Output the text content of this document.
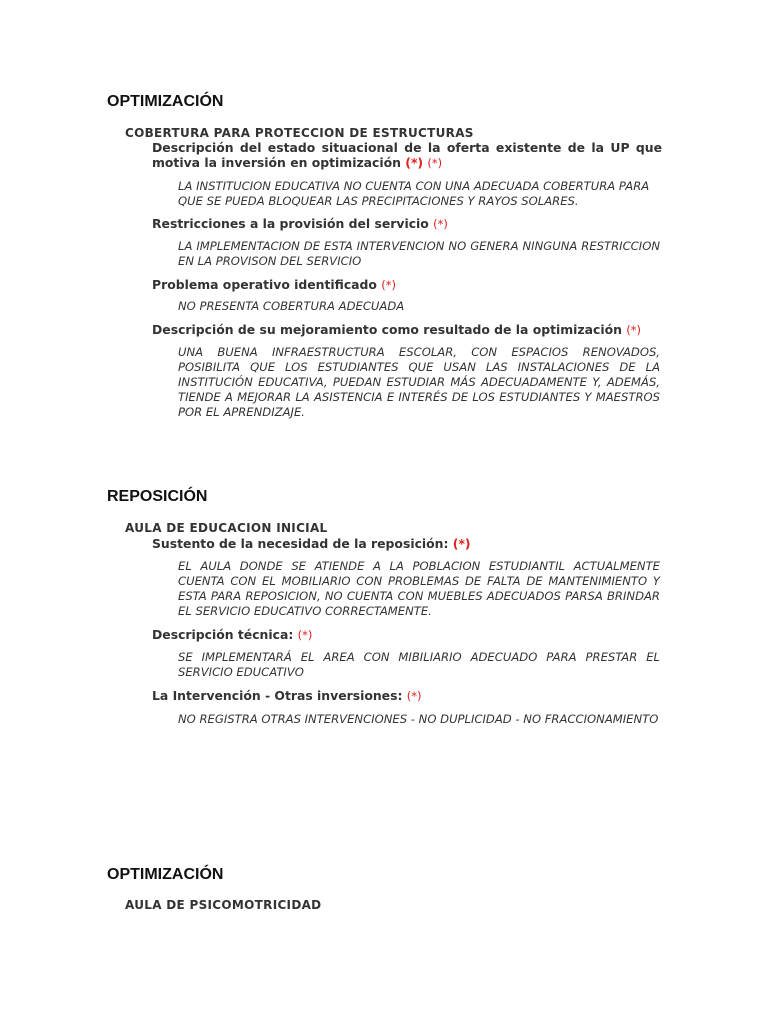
OPTIMIZACIÓN
COBERTURA PARA PROTECCION DE ESTRUCTURAS
Descripción del estado situacional de la oferta existente de la UP que motiva la inversión en optimización (*) (*)
LA INSTITUCION EDUCATIVA NO CUENTA CON UNA ADECUADA COBERTURA PARA QUE SE PUEDA BLOQUEAR LAS PRECIPITACIONES Y RAYOS SOLARES.
Restricciones a la provisión del servicio (*)
LA IMPLEMENTACION DE ESTA INTERVENCION NO GENERA NINGUNA RESTRICCION EN LA PROVISON DEL SERVICIO
Problema operativo identificado (*)
NO PRESENTA COBERTURA ADECUADA
Descripción de su mejoramiento como resultado de la optimización (*)
UNA BUENA INFRAESTRUCTURA ESCOLAR, CON ESPACIOS RENOVADOS, POSIBILITA QUE LOS ESTUDIANTES QUE USAN LAS INSTALACIONES DE LA INSTITUCIÓN EDUCATIVA, PUEDAN ESTUDIAR MÁS ADECUADAMENTE Y, ADEMÁS, TIENDE A MEJORAR LA ASISTENCIA E INTERÉS DE LOS ESTUDIANTES Y MAESTROS POR EL APRENDIZAJE.
REPOSICIÓN
AULA DE EDUCACION INICIAL
Sustento de la necesidad de la reposición: (*)
EL AULA DONDE SE ATIENDE A LA POBLACION ESTUDIANTIL ACTUALMENTE CUENTA CON EL MOBILIARIO CON PROBLEMAS DE FALTA DE MANTENIMIENTO Y ESTA PARA REPOSICION, NO CUENTA CON MUEBLES ADECUADOS PARSA BRINDAR EL SERVICIO EDUCATIVO CORRECTAMENTE.
Descripción técnica: (*)
SE IMPLEMENTARÁ EL AREA CON MIBILIARIO ADECUADO PARA PRESTAR EL SERVICIO EDUCATIVO
La Intervención - Otras inversiones: (*)
NO REGISTRA OTRAS INTERVENCIONES - NO DUPLICIDAD - NO FRACCIONAMIENTO
OPTIMIZACIÓN
AULA DE PSICOMOTRICIDAD
